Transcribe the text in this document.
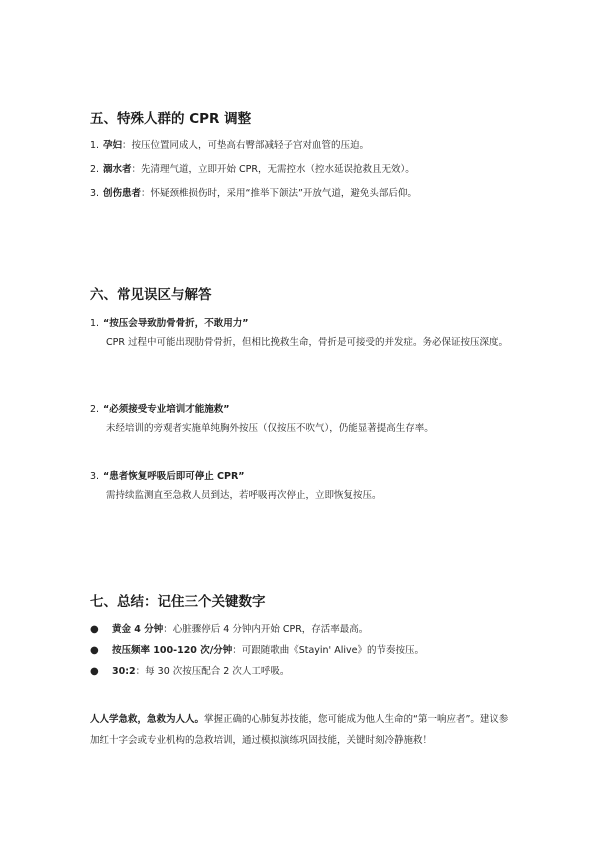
五、特殊人群的 CPR 调整
1. 孕妇：按压位置同成人，可垫高右臀部减轻子宫对血管的压迫。
2. 溺水者：先清理气道，立即开始 CPR，无需控水（控水延误抢救且无效）。
3. 创伤患者：怀疑颈椎损伤时，采用“推举下颌法”开放气道，避免头部后仰。
六、常见误区与解答
1. “按压会导致肋骨骨折，不敢用力”
CPR 过程中可能出现肋骨骨折，但相比挽救生命，骨折是可接受的并发症。务必保证按压深度。
2. “必须接受专业培训才能施救”
未经培训的旁观者实施单纯胸外按压（仅按压不吹气），仍能显著提高生存率。
3. “患者恢复呼吸后即可停止 CPR”
需持续监测直至急救人员到达，若呼吸再次停止，立即恢复按压。
七、总结：记住三个关键数字
● 黄金 4 分钟：心脏骤停后 4 分钟内开始 CPR，存活率最高。
● 按压频率 100-120 次/分钟：可跟随歌曲《Stayin' Alive》的节奏按压。
● 30:2：每 30 次按压配合 2 次人工呼吸。
人人学急救，急救为人人。掌握正确的心肺复苏技能，您可能成为他人生命的“第一响应者”。建议参加红十字会或专业机构的急救培训，通过模拟演练巩固技能，关键时刻冷静施救！
